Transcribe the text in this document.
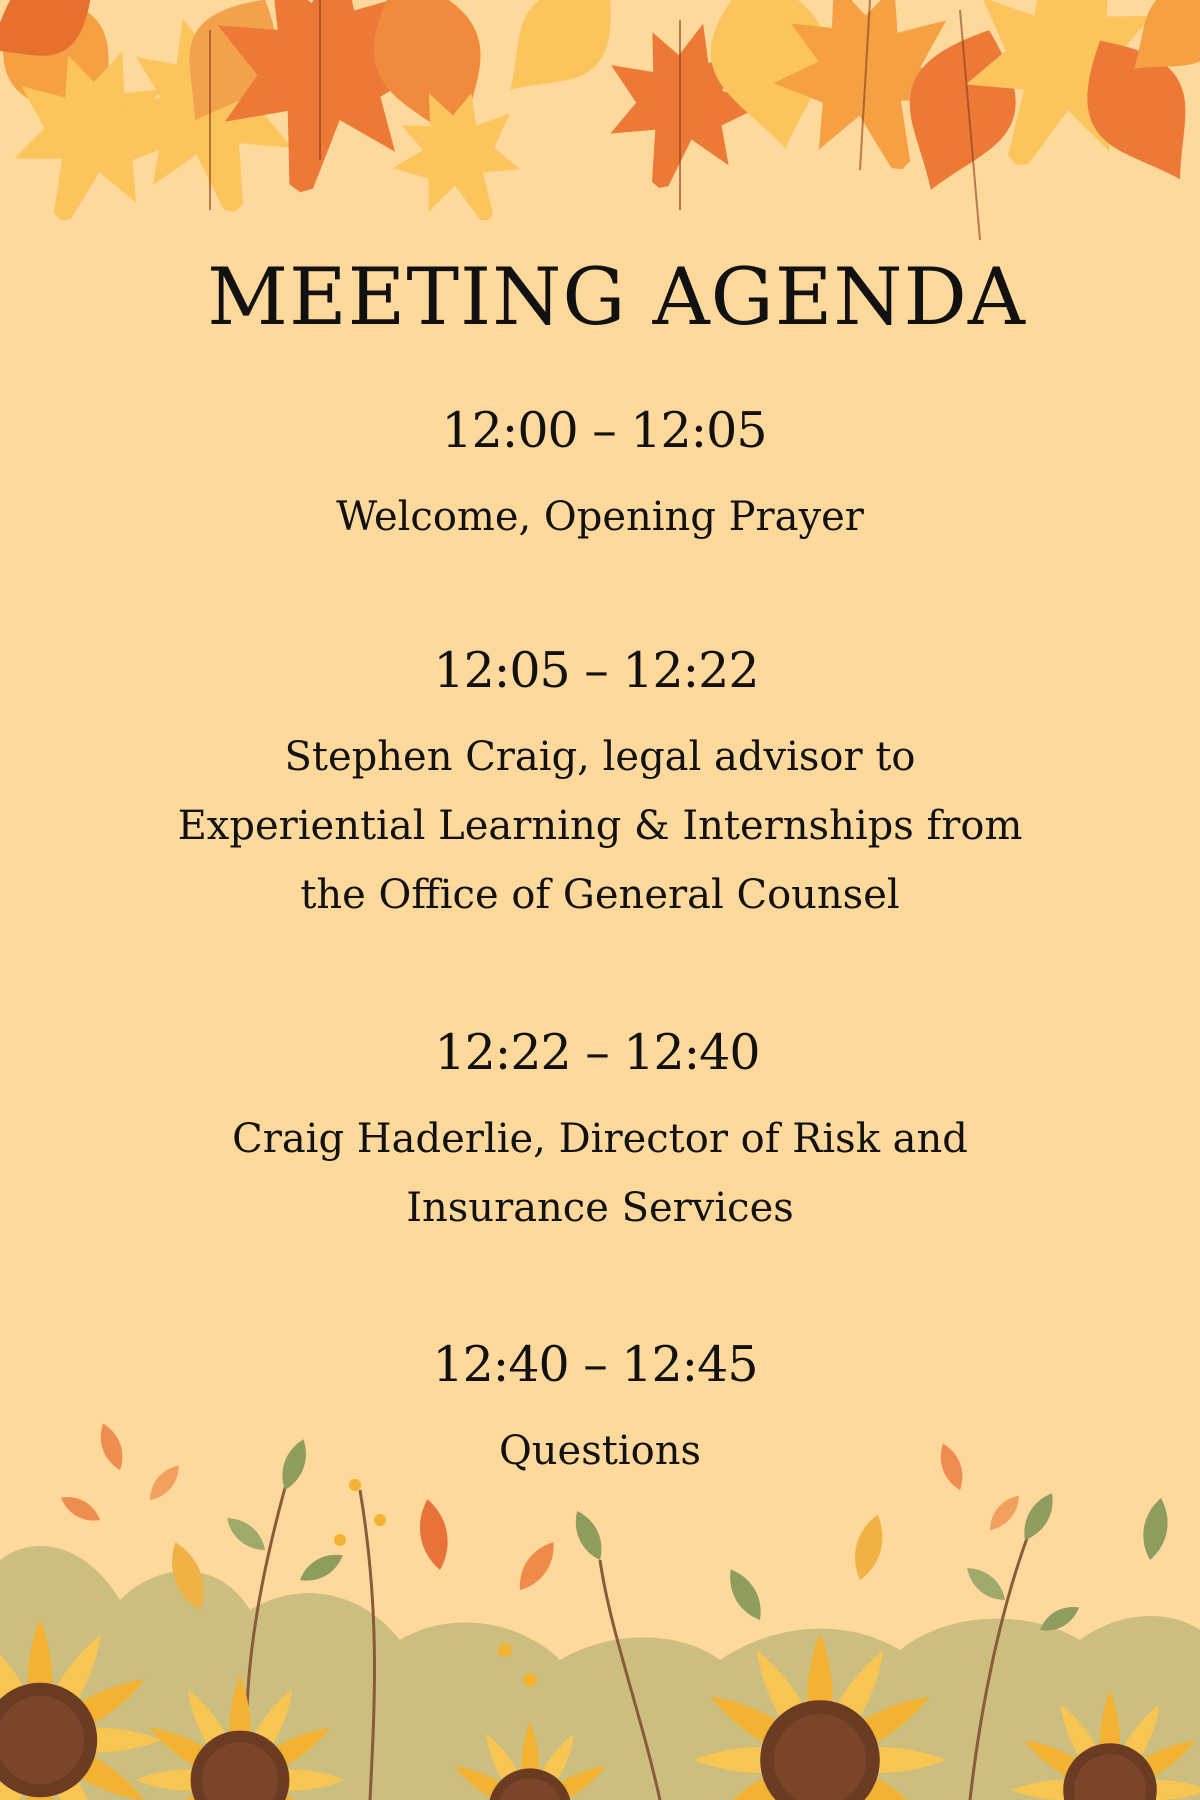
MEETING AGENDA
12:00 – 12:05
Welcome, Opening Prayer
12:05 – 12:22
Stephen Craig, legal advisor to
Experiential Learning & Internships from
the Office of General Counsel
12:22 – 12:40
Craig Haderlie, Director of Risk and
Insurance Services
12:40 – 12:45
Questions
